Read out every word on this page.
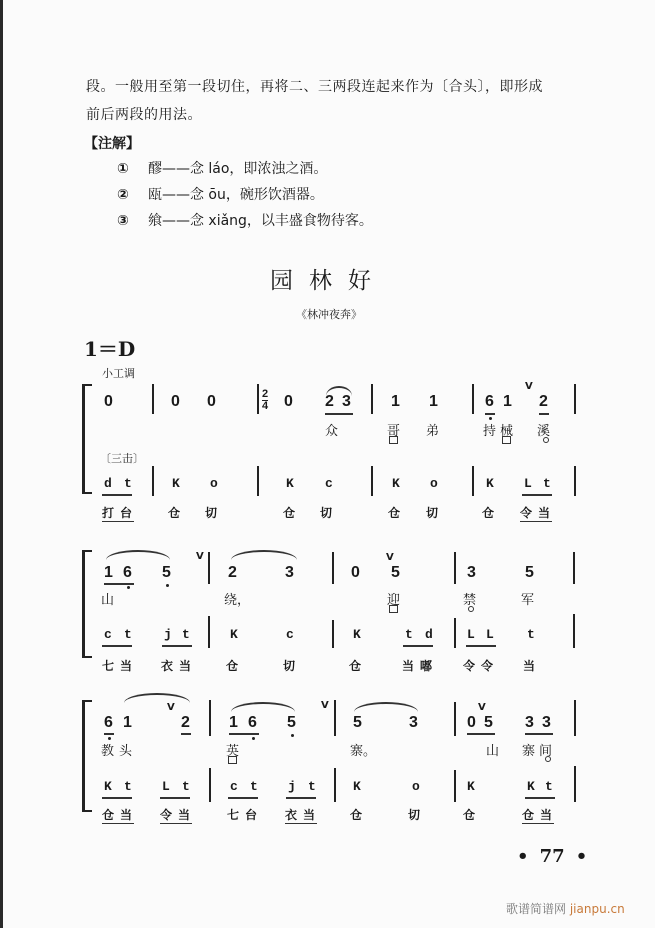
段。一般用至第一段切住，再将二、三两段连起来作为〔合头〕，即形成
前后两段的用法。
【注解】
① 醪——念 láo，即浓浊之酒。
② 瓯——念 ōu，碗形饮酒器。
③ 飨——念 xiǎng，以丰盛食物待客。
园林好
《林冲夜奔》
1＝D
小工调
0	0 0	2
4 0 2 3	1 1	6 1
V
2
众	哥 弟	持 械 溪
〔三击〕
d t	K o	K c	K o	K L t
打 台	仓 切	仓 切	仓 切	仓 令 当
1 6 5
V
2	3	0
V
5	3	5
山	绕，	迎	禁	军
c t j t	K	c	K	t d	L L	t
七 当 衣 当	仓	切	仓	当 嘟	令 令 当
6 1
V
2 1 6 5
V
5	3
V
0 5 3 3
教 头	英	寨。	山 寨 间
K t L t	c t j t	K	o	K	K t
仓 当 令 当	七 台 衣 当	仓	切	仓	仓 当
• 77 •
歌谱简谱网 jianpu.cn
